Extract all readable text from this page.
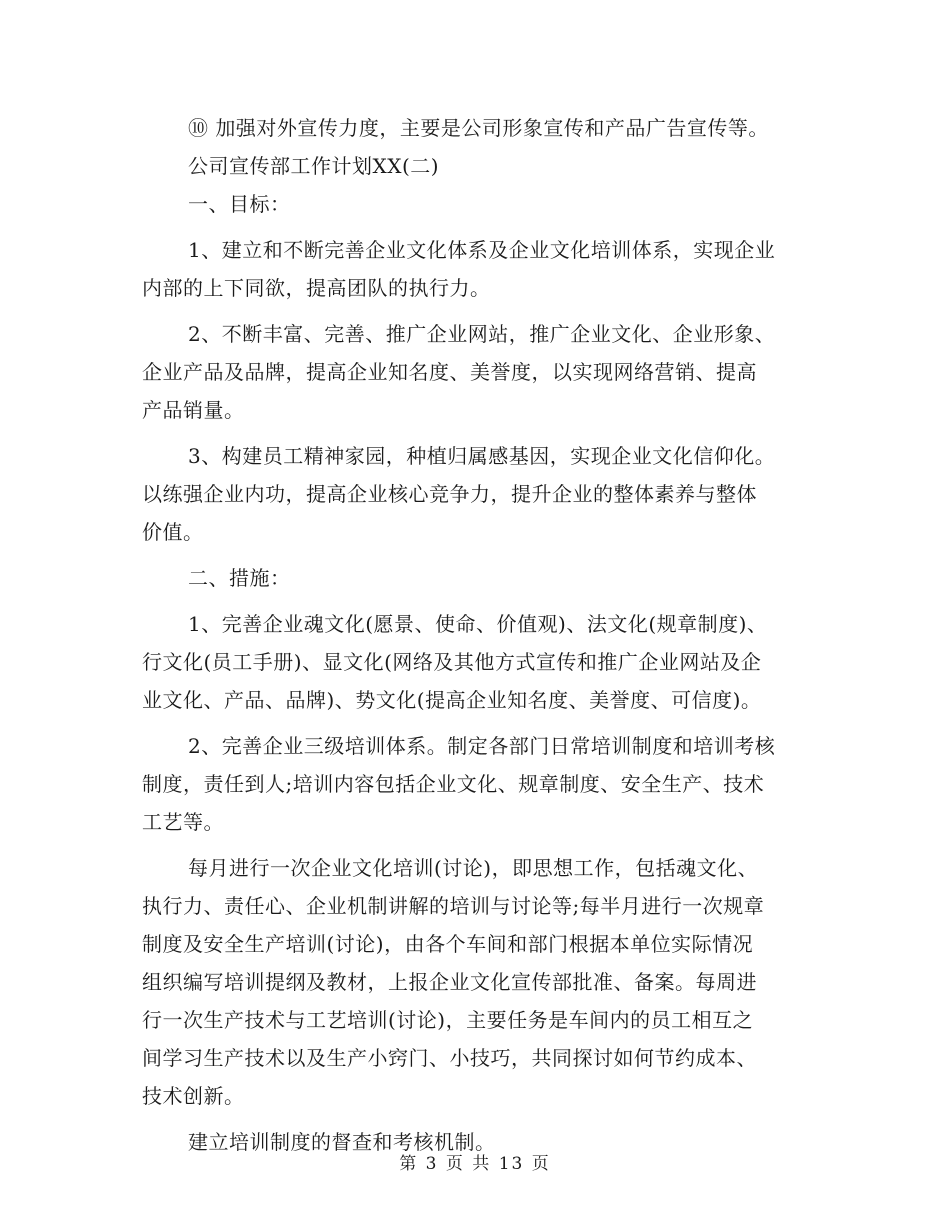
⑩ 加强对外宣传力度，主要是公司形象宣传和产品广告宣传等。
公司宣传部工作计划XX(二)
一、目标：
1、建立和不断完善企业文化体系及企业文化培训体系，实现企业
内部的上下同欲，提高团队的执行力。
2、不断丰富、完善、推广企业网站，推广企业文化、企业形象、
企业产品及品牌，提高企业知名度、美誉度，以实现网络营销、提高
产品销量。
3、构建员工精神家园，种植归属感基因，实现企业文化信仰化。
以练强企业内功，提高企业核心竞争力，提升企业的整体素养与整体
价值。
二、措施：
1、完善企业魂文化(愿景、使命、价值观)、法文化(规章制度)、
行文化(员工手册)、显文化(网络及其他方式宣传和推广企业网站及企
业文化、产品、品牌)、势文化(提高企业知名度、美誉度、可信度)。
2、完善企业三级培训体系。制定各部门日常培训制度和培训考核
制度，责任到人;培训内容包括企业文化、规章制度、安全生产、技术
工艺等。
每月进行一次企业文化培训(讨论)，即思想工作，包括魂文化、
执行力、责任心、企业机制讲解的培训与讨论等;每半月进行一次规章
制度及安全生产培训(讨论)，由各个车间和部门根据本单位实际情况
组织编写培训提纲及教材，上报企业文化宣传部批准、备案。每周进
行一次生产技术与工艺培训(讨论)，主要任务是车间内的员工相互之
间学习生产技术以及生产小窍门、小技巧，共同探讨如何节约成本、
技术创新。
建立培训制度的督查和考核机制。
第 3 页 共 13 页
